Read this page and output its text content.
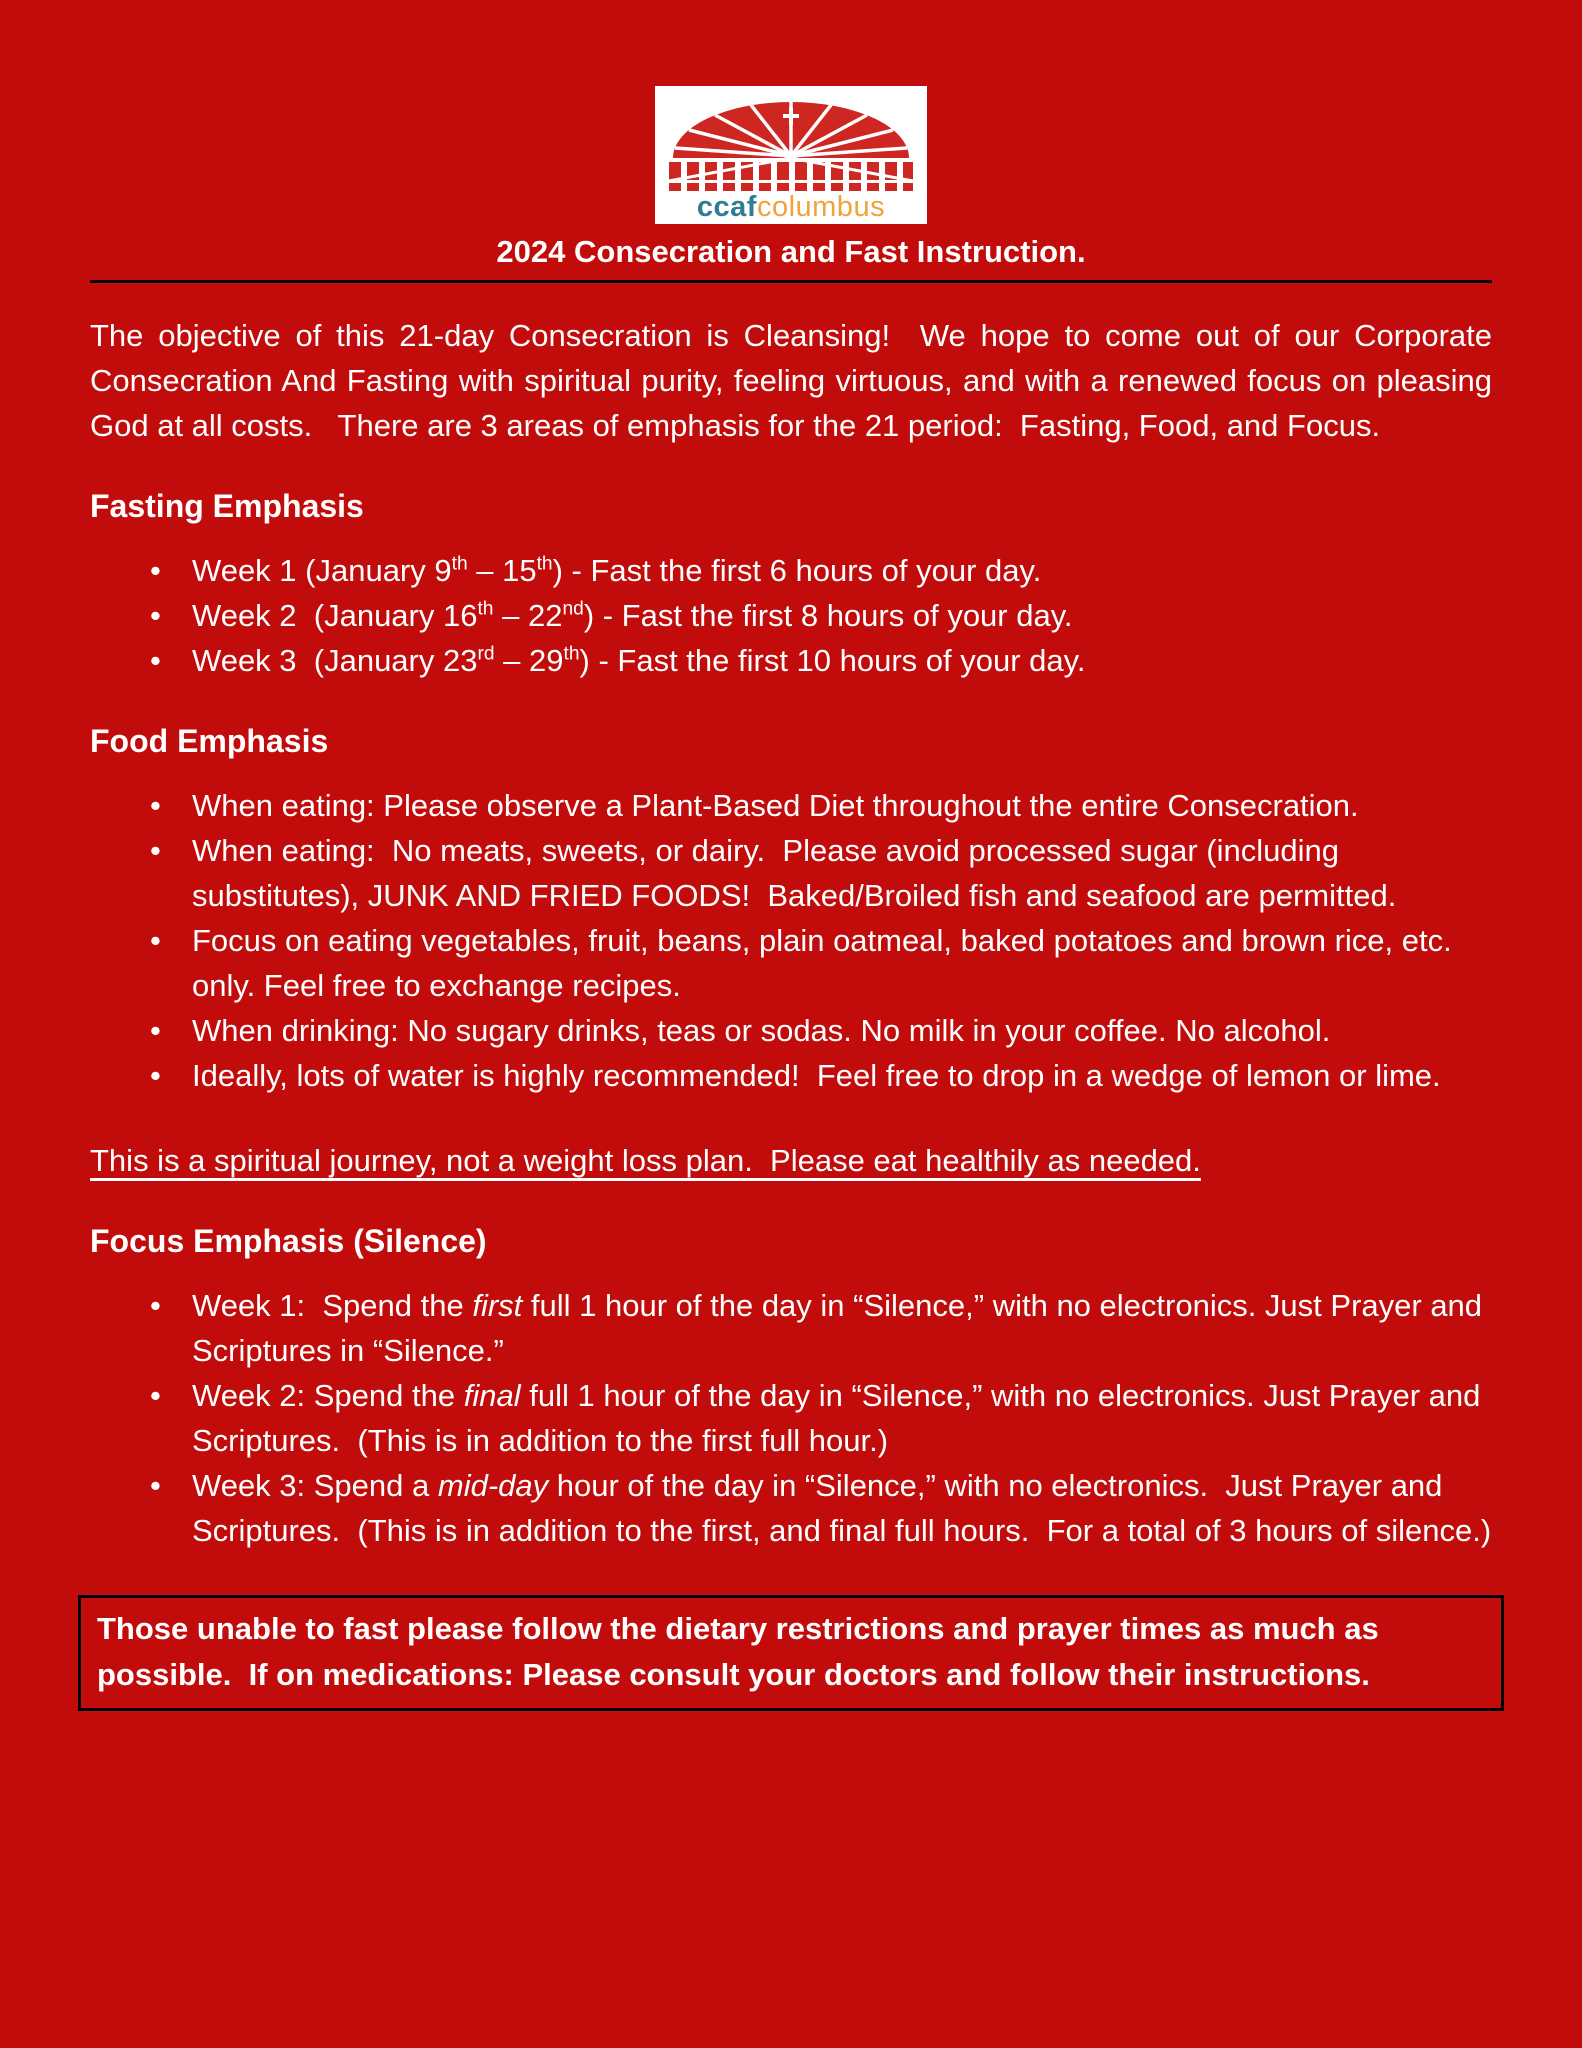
ccafcolumbus
2024 Consecration and Fast Instruction.

The objective of this 21-day Consecration is Cleansing!  We hope to come out of our Corporate Consecration And Fasting with spiritual purity, feeling virtuous, and with a renewed focus on pleasing God at all costs.   There are 3 areas of emphasis for the 21 period:  Fasting, Food, and Focus.

Fasting Emphasis
• Week 1 (January 9th – 15th) - Fast the first 6 hours of your day.
• Week 2  (January 16th – 22nd) - Fast the first 8 hours of your day.
• Week 3  (January 23rd – 29th) - Fast the first 10 hours of your day.
Food Emphasis
• When eating: Please observe a Plant-Based Diet throughout the entire Consecration.
• When eating:  No meats, sweets, or dairy.  Please avoid processed sugar (including substitutes), JUNK AND FRIED FOODS!  Baked/Broiled fish and seafood are permitted.
• Focus on eating vegetables, fruit, beans, plain oatmeal, baked potatoes and brown rice, etc. only. Feel free to exchange recipes.
• When drinking: No sugary drinks, teas or sodas. No milk in your coffee. No alcohol.
• Ideally, lots of water is highly recommended!  Feel free to drop in a wedge of lemon or lime.
This is a spiritual journey, not a weight loss plan.  Please eat healthily as needed.
Focus Emphasis (Silence)
• Week 1:  Spend the first full 1 hour of the day in “Silence,” with no electronics. Just Prayer and Scriptures in “Silence.”
• Week 2: Spend the final full 1 hour of the day in “Silence,” with no electronics. Just Prayer and Scriptures.  (This is in addition to the first full hour.)
• Week 3: Spend a mid-day hour of the day in “Silence,” with no electronics.  Just Prayer and Scriptures.  (This is in addition to the first, and final full hours.  For a total of 3 hours of silence.)
Those unable to fast please follow the dietary restrictions and prayer times as much as possible.  If on medications: Please consult your doctors and follow their instructions.
